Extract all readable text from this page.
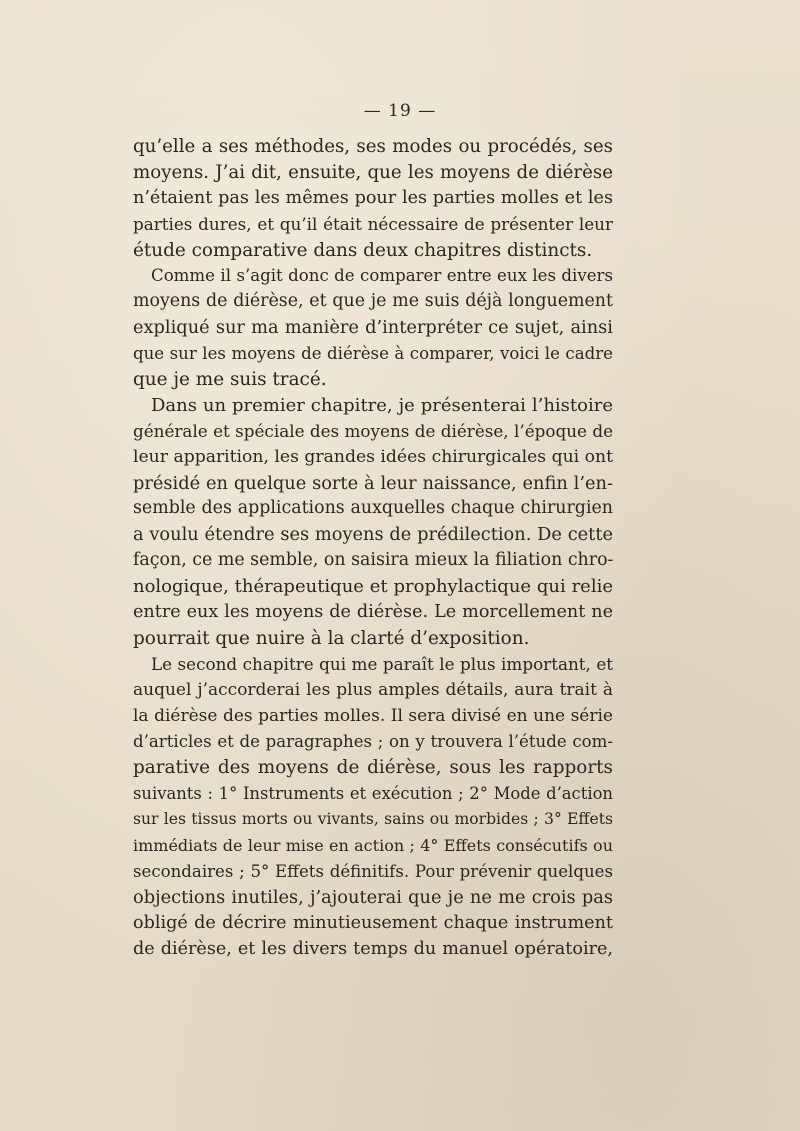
— 19 —
qu’elle a ses méthodes, ses modes ou procédés, ses
moyens. J’ai dit, ensuite, que les moyens de diérèse
n’étaient pas les mêmes pour les parties molles et les
parties dures, et qu’il était nécessaire de présenter leur
étude comparative dans deux chapitres distincts.
Comme il s’agit donc de comparer entre eux les divers
moyens de diérèse, et que je me suis déjà longuement
expliqué sur ma manière d’interpréter ce sujet, ainsi
que sur les moyens de diérèse à comparer, voici le cadre
que je me suis tracé.
Dans un premier chapitre, je présenterai l’histoire
générale et spéciale des moyens de diérèse, l’époque de
leur apparition, les grandes idées chirurgicales qui ont
présidé en quelque sorte à leur naissance, enfin l’en-
semble des applications auxquelles chaque chirurgien
a voulu étendre ses moyens de prédilection. De cette
façon, ce me semble, on saisira mieux la filiation chro-
nologique, thérapeutique et prophylactique qui relie
entre eux les moyens de diérèse. Le morcellement ne
pourrait que nuire à la clarté d’exposition.
Le second chapitre qui me paraît le plus important, et
auquel j’accorderai les plus amples détails, aura trait à
la diérèse des parties molles. Il sera divisé en une série
d’articles et de paragraphes ; on y trouvera l’étude com-
parative des moyens de diérèse, sous les rapports
suivants : 1° Instruments et exécution ; 2° Mode d’action
sur les tissus morts ou vivants, sains ou morbides ; 3° Effets
immédiats de leur mise en action ; 4° Effets consécutifs ou
secondaires ; 5° Effets définitifs. Pour prévenir quelques
objections inutiles, j’ajouterai que je ne me crois pas
obligé de décrire minutieusement chaque instrument
de diérèse, et les divers temps du manuel opératoire,
